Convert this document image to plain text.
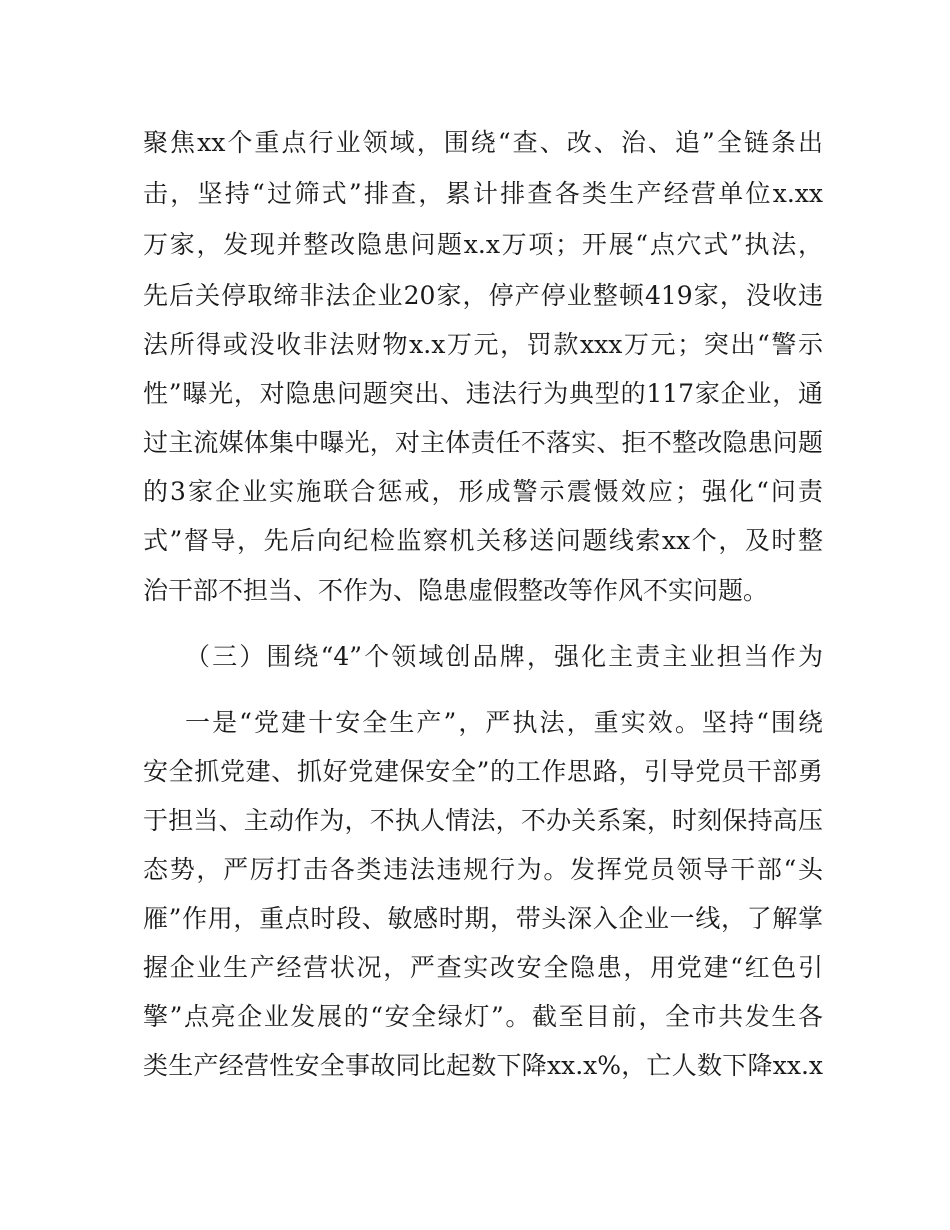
聚焦xx个重点行业领域，围绕“查、改、治、追”全链条出
击，坚持“过筛式”排查，累计排查各类生产经营单位x.xx
万家，发现并整改隐患问题x.x万项；开展“点穴式”执法，
先后关停取缔非法企业20家，停产停业整顿419家，没收违
法所得或没收非法财物x.x万元，罚款xxx万元；突出“警示
性”曝光，对隐患问题突出、违法行为典型的117家企业，通
过主流媒体集中曝光，对主体责任不落实、拒不整改隐患问题
的3家企业实施联合惩戒，形成警示震慑效应；强化“问责
式”督导，先后向纪检监察机关移送问题线索xx个，及时整
治干部不担当、不作为、隐患虚假整改等作风不实问题。
（三）围绕“4”个领域创品牌，强化主责主业担当作为
一是“党建十安全生产”，严执法，重实效。坚持“围绕
安全抓党建、抓好党建保安全”的工作思路，引导党员干部勇
于担当、主动作为，不执人情法，不办关系案，时刻保持高压
态势，严厉打击各类违法违规行为。发挥党员领导干部“头
雁”作用，重点时段、敏感时期，带头深入企业一线，了解掌
握企业生产经营状况，严查实改安全隐患，用党建“红色引
擎”点亮企业发展的“安全绿灯”。截至目前，全市共发生各
类生产经营性安全事故同比起数下降xx.x%，亡人数下降xx.x
